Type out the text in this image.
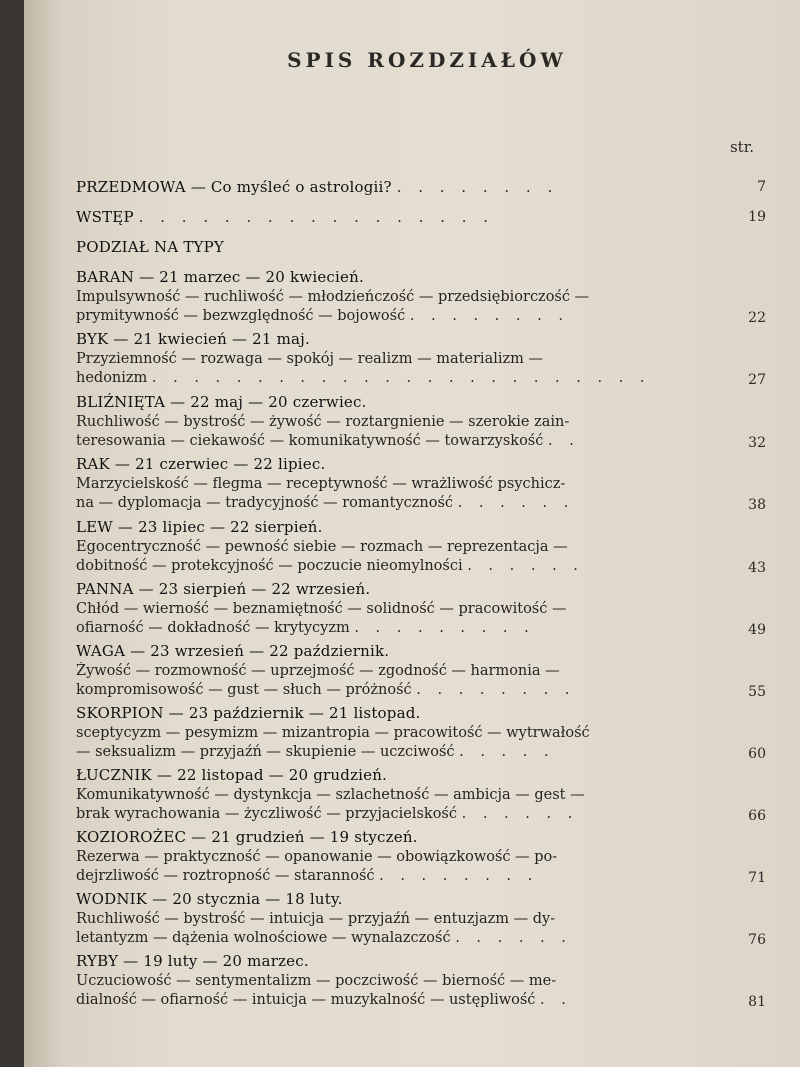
SPIS ROZDZIAŁÓW
str.
PRZEDMOWA — Co myśleć o astrologii? . . . . . . . .	7
WSTĘP . . . . . . . . . . . . . . . . .	19
PODZIAŁ NA TYPY
BARAN — 21 marzec — 20 kwiecień.
Impulsywność — ruchliwość — młodzieńczość — przedsiębiorczość —
prymitywność — bezwzględność — bojowość . . . . . . . .	22
BYK — 21 kwiecień — 21 maj.
Przyziemność — rozwaga — spokój — realizm — materializm —
hedonizm . . . . . . . . . . . . . . . . . . . . . . . .	27
BLIŹNIĘTA — 22 maj — 20 czerwiec.
Ruchliwość — bystrość — żywość — roztargnienie — szerokie zain-
teresowania — ciekawość — komunikatywność — towarzyskość . .	32
RAK — 21 czerwiec — 22 lipiec.
Marzycielskość — flegma — receptywność — wrażliwość psychicz-
na — dyplomacja — tradycyjność — romantyczność . . . . . .	38
LEW — 23 lipiec — 22 sierpień.
Egocentryczność — pewność siebie — rozmach — reprezentacja —
dobitność — protekcyjność — poczucie nieomylności . . . . . .	43
PANNA — 23 sierpień — 22 wrzesień.
Chłód — wierność — beznamiętność — solidność — pracowitość —
ofiarność — dokładność — krytycyzm . . . . . . . . .	49
WAGA — 23 wrzesień — 22 październik.
Żywość — rozmowność — uprzejmość — zgodność — harmonia —
kompromisowość — gust — słuch — próżność . . . . . . . .	55
SKORPION — 23 październik — 21 listopad.
sceptycyzm — pesymizm — mizantropia — pracowitość — wytrwałość
— seksualizm — przyjaźń — skupienie — uczciwość . . . . .	60
ŁUCZNIK — 22 listopad — 20 grudzień.
Komunikatywność — dystynkcja — szlachetność — ambicja — gest —
brak wyrachowania — życzliwość — przyjacielskość . . . . . .	66
KOZIOROŻEC — 21 grudzień — 19 styczeń.
Rezerwa — praktyczność — opanowanie — obowiązkowość — po-
dejrzliwość — roztropność — staranność . . . . . . . .	71
WODNIK — 20 stycznia — 18 luty.
Ruchliwość — bystrość — intuicja — przyjaźń — entuzjazm — dy-
letantyzm — dążenia wolnościowe — wynalazczość . . . . . .	76
RYBY — 19 luty — 20 marzec.
Uczuciowość — sentymentalizm — poczciwość — bierność — me-
dialność — ofiarność — intuicja — muzykalność — ustępliwość . .	81
